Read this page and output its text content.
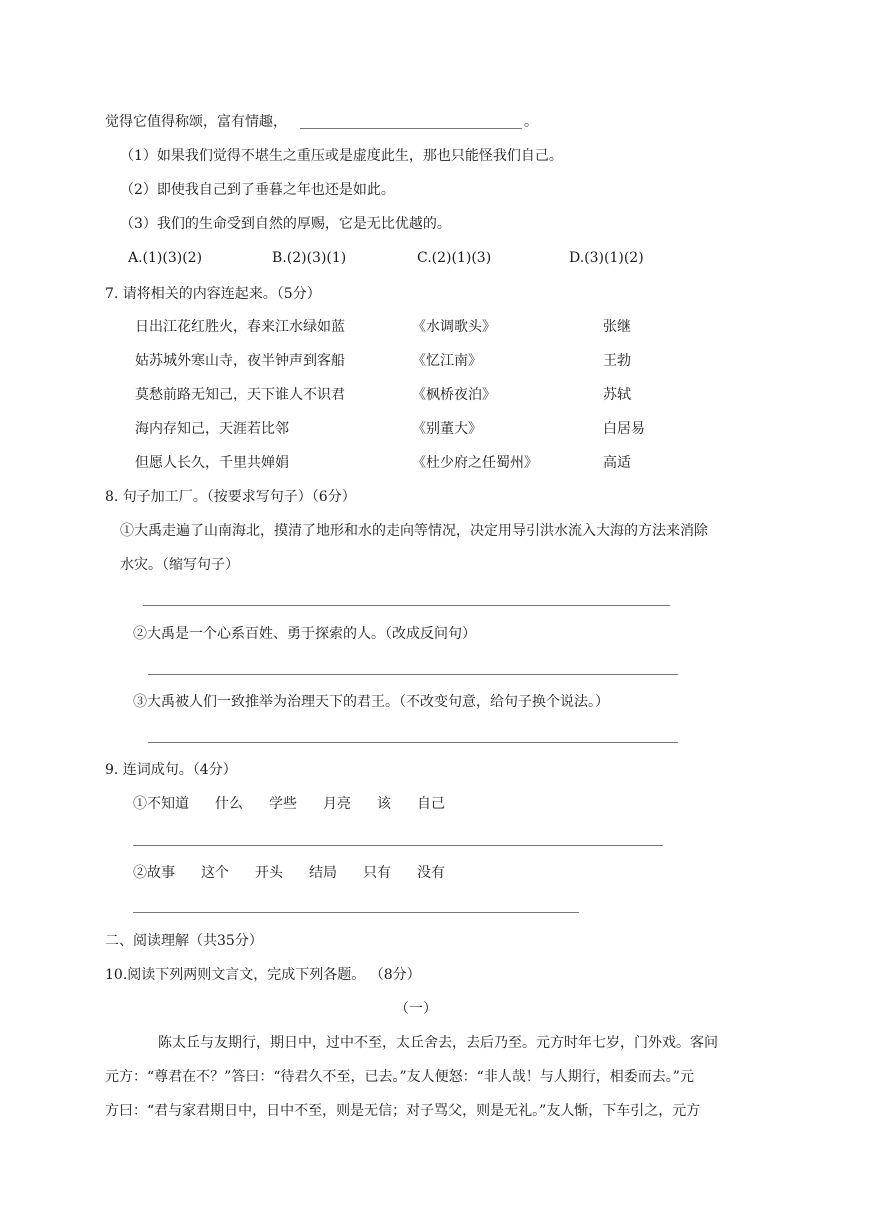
觉得它值得称颂，富有情趣，	。
（1）如果我们觉得不堪生之重压或是虚度此生，那也只能怪我们自己。
（2）即使我自己到了垂暮之年也还是如此。
（3）我们的生命受到自然的厚赐，它是无比优越的。
A.(1)(3)(2)	B.(2)(3)(1)	C.(2)(1)(3)	D.(3)(1)(2)
7. 请将相关的内容连起来。（5分）
日出江花红胜火，春来江水绿如蓝	《水调歌头》	张继
姑苏城外寒山寺，夜半钟声到客船	《忆江南》	王勃
莫愁前路无知己，天下谁人不识君	《枫桥夜泊》	苏轼
海内存知己，天涯若比邻	《别董大》	白居易
但愿人长久，千里共婵娟	《杜少府之任蜀州》	高适
8. 句子加工厂。（按要求写句子）（6分）
①大禹走遍了山南海北，摸清了地形和水的走向等情况，决定用导引洪水流入大海的方法来消除
水灾。（缩写句子）
②大禹是一个心系百姓、勇于探索的人。（改成反问句）
③大禹被人们一致推举为治理天下的君王。（不改变句意，给句子换个说法。）
9. 连词成句。（4分）
①不知道 什么 学些 月亮 该 自己
②故事 这个 开头 结局 只有 没有
二、阅读理解（共35分）
10.阅读下列两则文言文，完成下列各题。 （8分）
（一）
陈太丘与友期行，期日中，过中不至，太丘舍去，去后乃至。元方时年七岁，门外戏。客问
元方：“尊君在不？”答曰：“待君久不至，已去。”友人便怒：“非人哉！与人期行，相委而去。”元
方曰：“君与家君期日中，日中不至，则是无信；对子骂父，则是无礼。”友人惭，下车引之，元方
